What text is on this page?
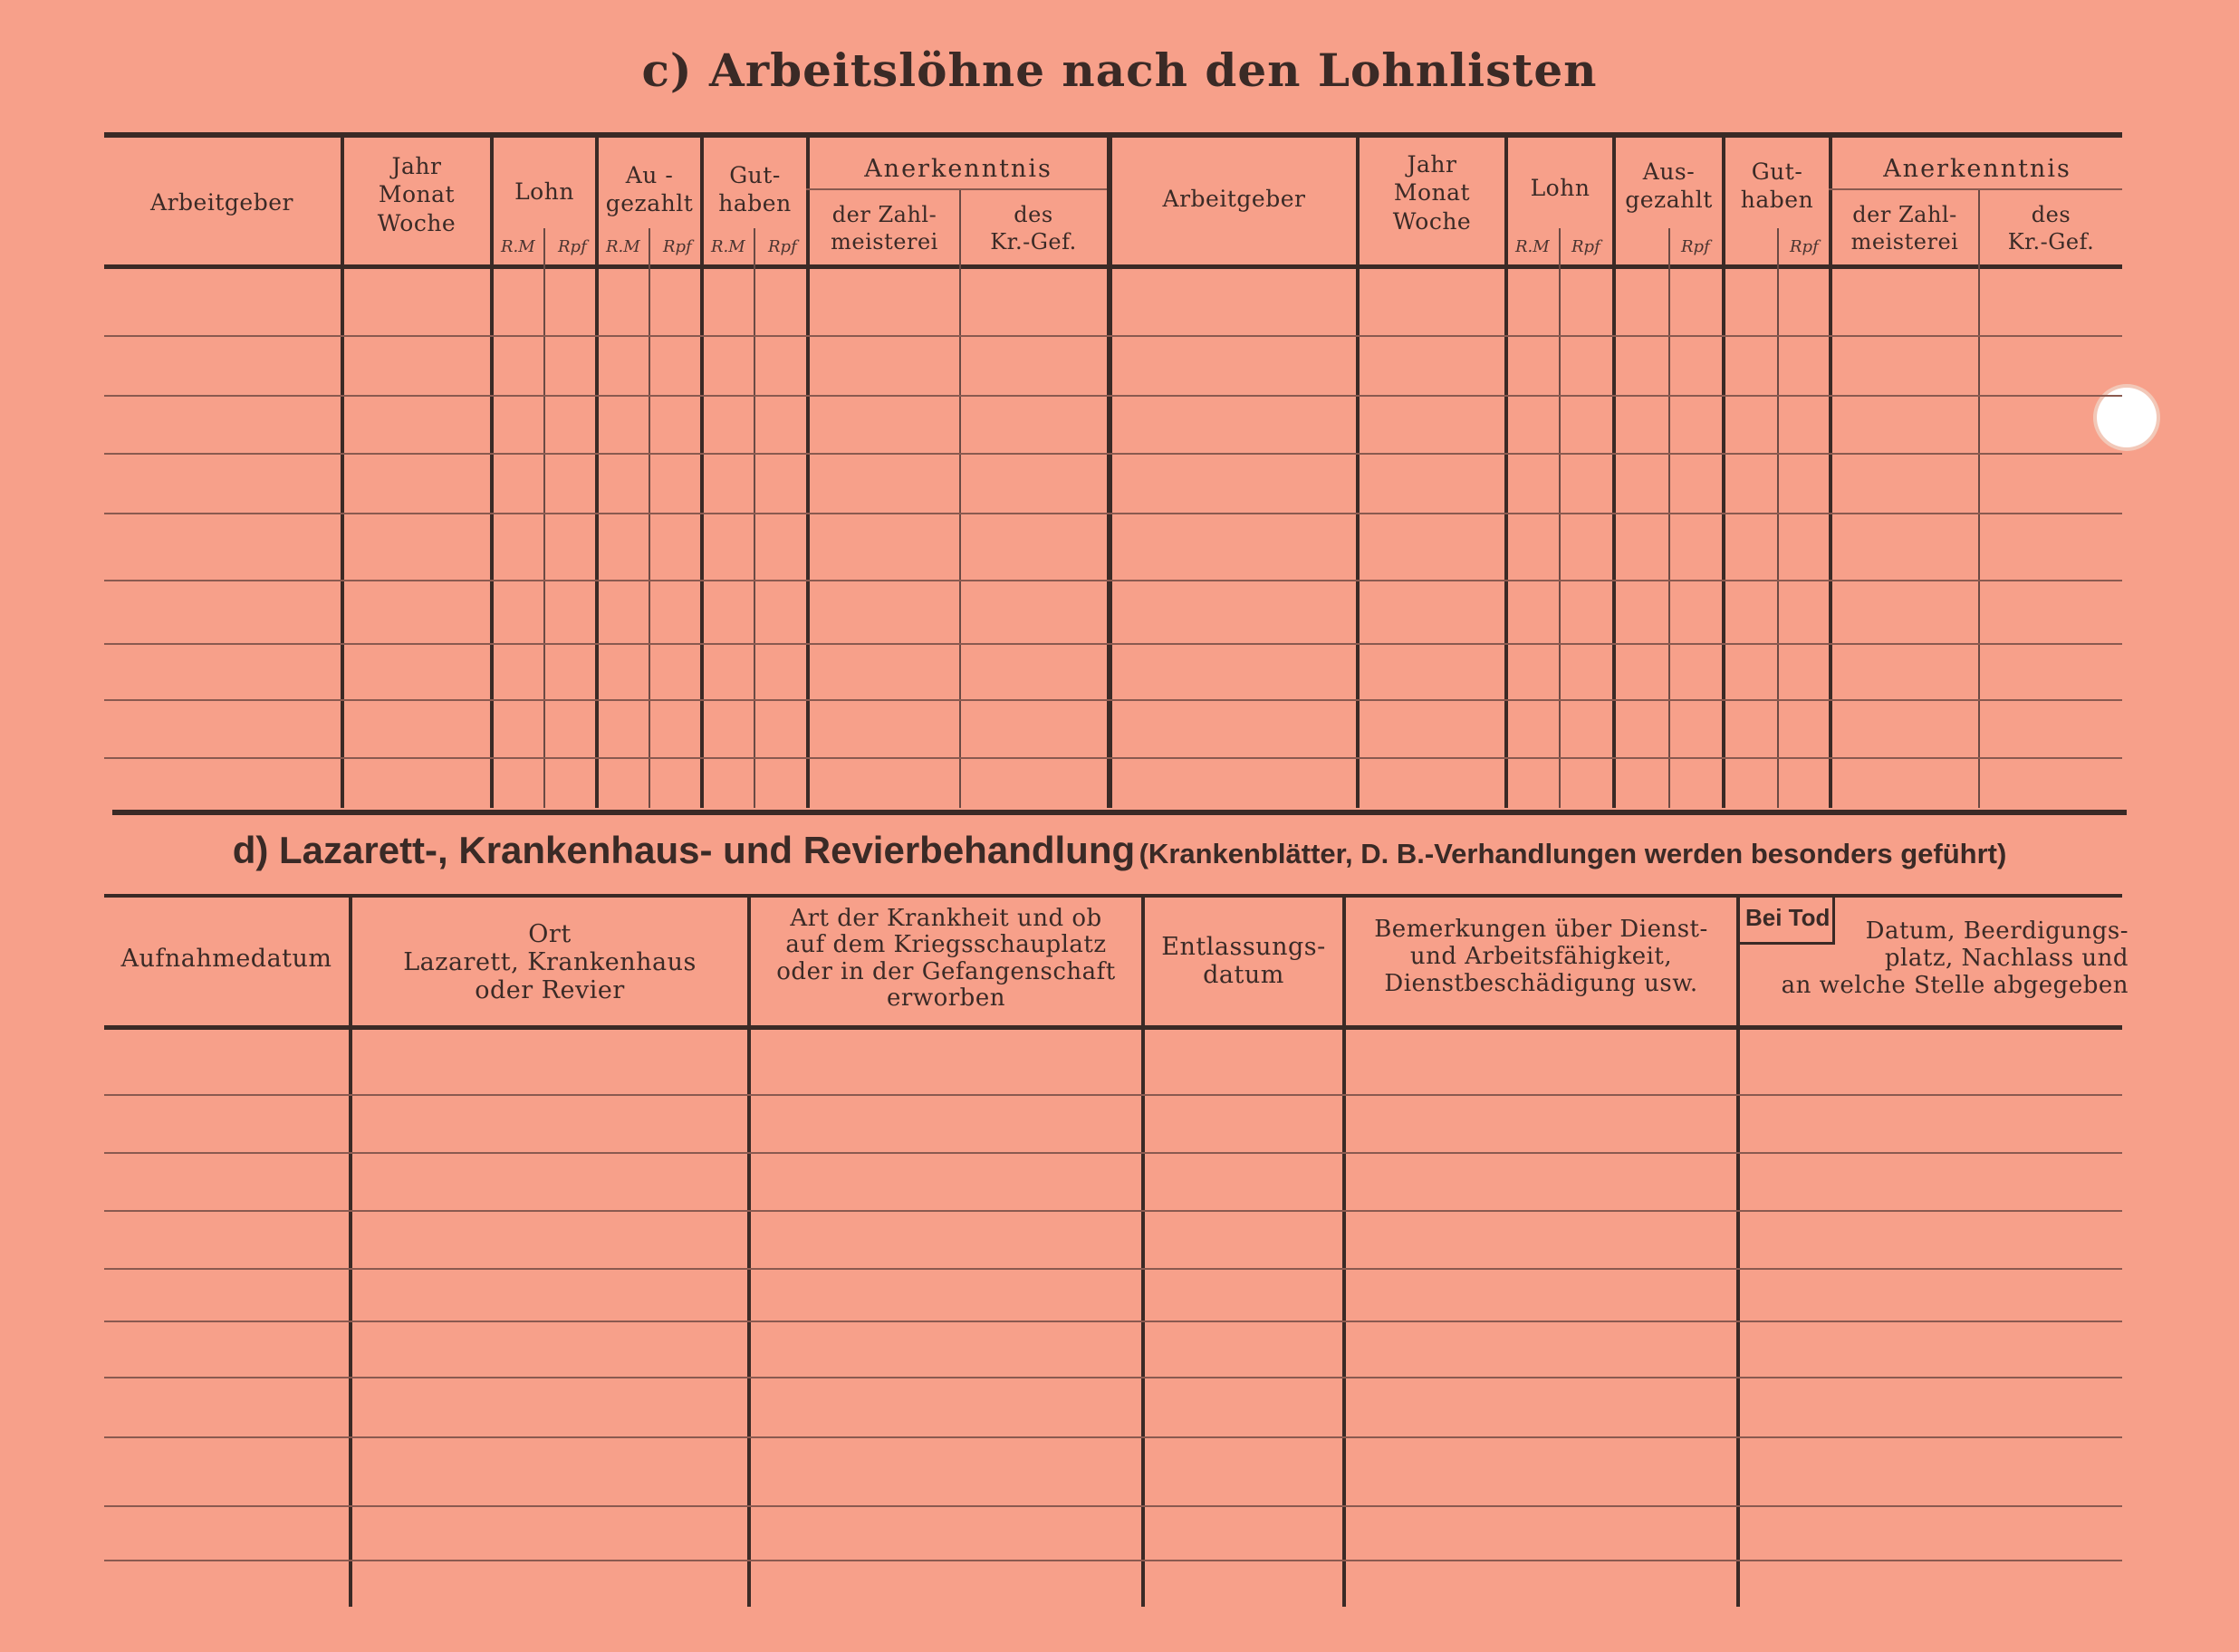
c) Arbeitslöhne nach den Lohnlisten
Arbeitgeber
Jahr
Monat
Woche
Lohn
Au -
gezahlt
Gut-
haben
Anerkenntnis
der Zahl-
meisterei
des
Kr.-Gef.
R.M Rpf R.M Rpf R.M Rpf
Arbeitgeber
Jahr
Monat
Woche
Lohn
Aus-
gezahlt
Gut-
haben
Anerkenntnis
der Zahl-
meisterei
des
Kr.-Gef.
R.M Rpf	Rpf	Rpf
d) Lazarett-, Krankenhaus- und Revierbehandlung (Krankenblätter, D. B.-Verhandlungen werden besonders geführt)
Bei Tod
Aufnahmedatum
Ort
Lazarett, Krankenhaus
oder Revier
Art der Krankheit und ob
auf dem Kriegsschauplatz
oder in der Gefangenschaft
erworben
Entlassungs-
datum
Bemerkungen über Dienst-
und Arbeitsfähigkeit,
Dienstbeschädigung usw.
Datum, Beerdigungs-
platz, Nachlass und
an welche Stelle abgegeben
